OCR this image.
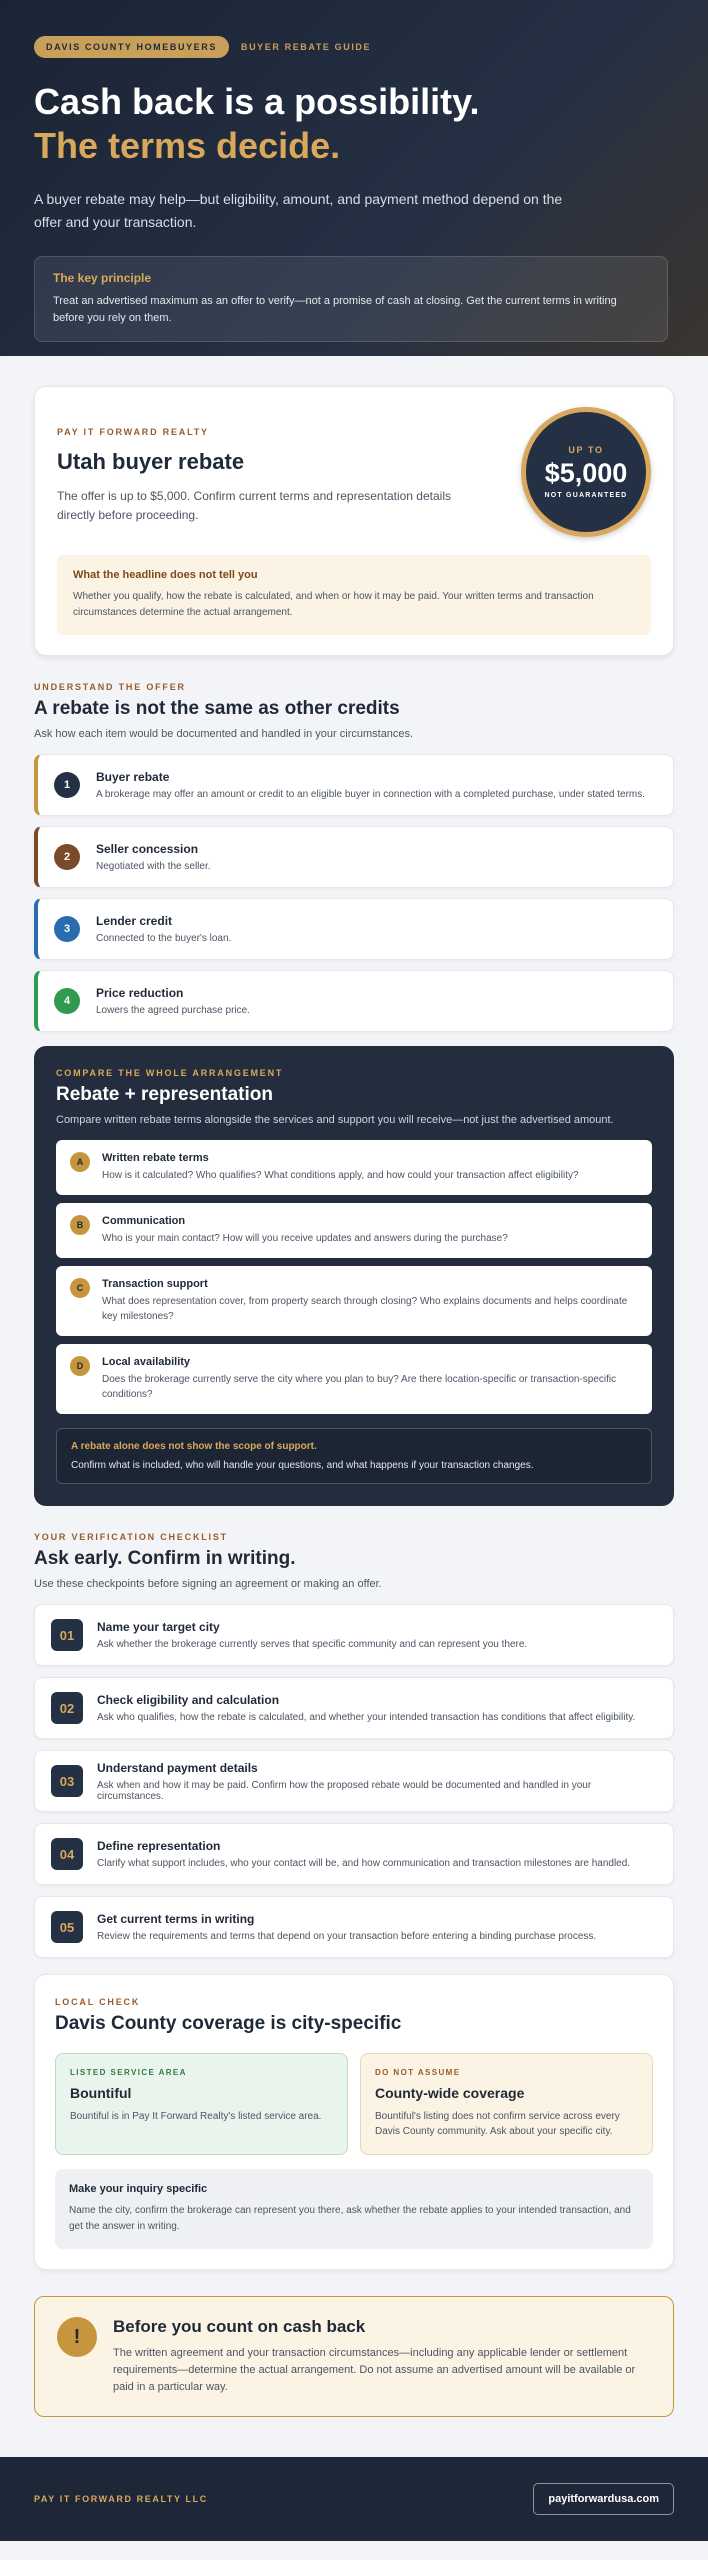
DAVIS COUNTY HOMEBUYERS	BUYER REBATE GUIDE
Cash back is a possibility.
The terms decide.

A buyer rebate may help—but eligibility, amount, and payment method depend on the offer and your transaction.

The key principle
Treat an advertised maximum as an offer to verify—not a promise of cash at closing. Get the current terms in writing before you rely on them.
PAY IT FORWARD REALTY
Utah buyer rebate
The offer is up to $5,000. Confirm current terms and representation details directly before proceeding.
UP TO
$5,000
NOT GUARANTEED
What the headline does not tell you
Whether you qualify, how the rebate is calculated, and when or how it may be paid. Your written terms and transaction circumstances determine the actual arrangement.
UNDERSTAND THE OFFER
A rebate is not the same as other credits
Ask how each item would be documented and handled in your circumstances.
1
Buyer rebate
A brokerage may offer an amount or credit to an eligible buyer in connection with a completed purchase, under stated terms.
2
Seller concession
Negotiated with the seller.
3
Lender credit
Connected to the buyer's loan.
4
Price reduction
Lowers the agreed purchase price.
COMPARE THE WHOLE ARRANGEMENT
Rebate + representation
Compare written rebate terms alongside the services and support you will receive—not just the advertised amount.
A	Written rebate terms
How is it calculated? Who qualifies? What conditions apply, and how could your transaction affect eligibility?
B	Communication
Who is your main contact? How will you receive updates and answers during the purchase?
C	Transaction support
What does representation cover, from property search through closing? Who explains documents and helps coordinate key milestones?
D	Local availability
Does the brokerage currently serve the city where you plan to buy? Are there location-specific or transaction-specific conditions?
A rebate alone does not show the scope of support.
Confirm what is included, who will handle your questions, and what happens if your transaction changes.
YOUR VERIFICATION CHECKLIST
Ask early. Confirm in writing.
Use these checkpoints before signing an agreement or making an offer.
01
Name your target city
Ask whether the brokerage currently serves that specific community and can represent you there.
02
Check eligibility and calculation
Ask who qualifies, how the rebate is calculated, and whether your intended transaction has conditions that affect eligibility.
03
Understand payment details
Ask when and how it may be paid. Confirm how the proposed rebate would be documented and handled in your circumstances.
04
Define representation
Clarify what support includes, who your contact will be, and how communication and transaction milestones are handled.
05
Get current terms in writing
Review the requirements and terms that depend on your transaction before entering a binding purchase process.
LOCAL CHECK
Davis County coverage is city-specific
LISTED SERVICE AREA
Bountiful
Bountiful is in Pay It Forward Realty's listed service area.
DO NOT ASSUME
County-wide coverage
Bountiful's listing does not confirm service across every Davis County community. Ask about your specific city.
Make your inquiry specific
Name the city, confirm the brokerage can represent you there, ask whether the rebate applies to your intended transaction, and get the answer in writing.
!	Before you count on cash back
The written agreement and your transaction circumstances—including any applicable lender or settlement requirements—determine the actual arrangement. Do not assume an advertised amount will be available or paid in a particular way.
PAY IT FORWARD REALTY LLC	payitforwardusa.com
